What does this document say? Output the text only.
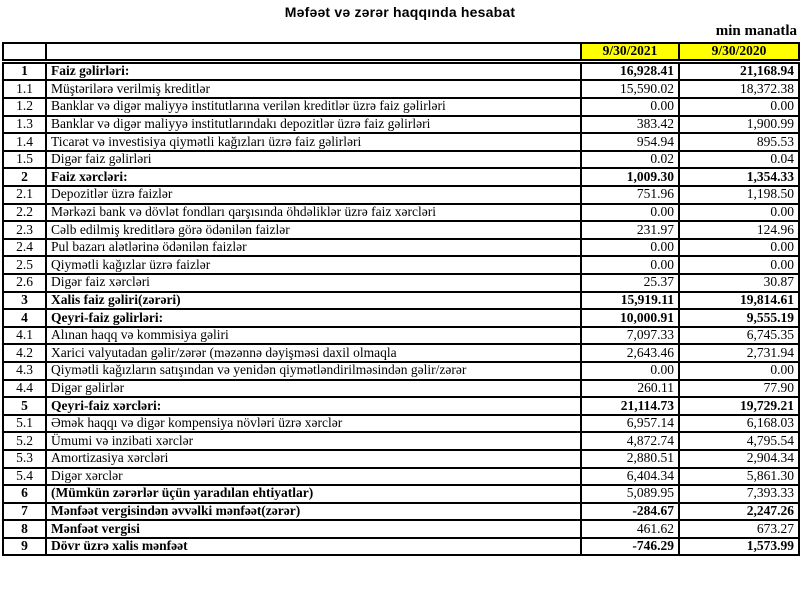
Məfəət və zərər haqqında hesabat
min manatla
		9/30/2021	9/30/2020

1	Faiz gəlirləri:	16,928.41	21,168.94
1.1	Müştərilərə verilmiş kreditlər	15,590.02	18,372.38
1.2	Banklar və digər maliyyə institutlarına verilən kreditlər üzrə faiz gəlirləri	0.00	0.00
1.3	Banklar və digər maliyyə institutlarındakı depozitlər üzrə faiz gəlirləri	383.42	1,900.99
1.4	Ticarət və investisiya qiymətli kağızları üzrə faiz gəlirləri	954.94	895.53
1.5	Digər faiz gəlirləri	0.02	0.04
2	Faiz xərcləri:	1,009.30	1,354.33
2.1	Depozitlər üzrə faizlər	751.96	1,198.50
2.2	Mərkəzi bank və dövlət fondları qarşısında öhdəliklər üzrə faiz xərcləri	0.00	0.00
2.3	Cəlb edilmiş kreditlərə görə ödənilən faizlər	231.97	124.96
2.4	Pul bazarı alətlərinə ödənilən faizlər	0.00	0.00
2.5	Qiymətli kağızlar üzrə faizlər	0.00	0.00
2.6	Digər faiz xərcləri	25.37	30.87
3	Xalis faiz gəliri(zərəri)	15,919.11	19,814.61
4	Qeyri-faiz gəlirləri:	10,000.91	9,555.19
4.1	Alınan haqq və kommisiya gəliri	7,097.33	6,745.35
4.2	Xarici valyutadan gəlir/zərər (məzənnə dəyişməsi daxil olmaqla	2,643.46	2,731.94
4.3	Qiymətli kağızların satışından və yenidən qiymətləndirilməsindən gəlir/zərər	0.00	0.00
4.4	Digər gəlirlər	260.11	77.90
5	Qeyri-faiz xərcləri:	21,114.73	19,729.21
5.1	Əmək haqqı və digər kompensiya növləri üzrə xərclər	6,957.14	6,168.03
5.2	Ümumi və inzibati xərclər	4,872.74	4,795.54
5.3	Amortizasiya xərcləri	2,880.51	2,904.34
5.4	Digər xərclər	6,404.34	5,861.30
6	(Mümkün zərərlər üçün yaradılan ehtiyatlar)	5,089.95	7,393.33
7	Mənfəət vergisindən əvvəlki mənfəət(zərər)	-284.67	2,247.26
8	Mənfəət vergisi	461.62	673.27
9	Dövr üzrə xalis mənfəət	-746.29	1,573.99
